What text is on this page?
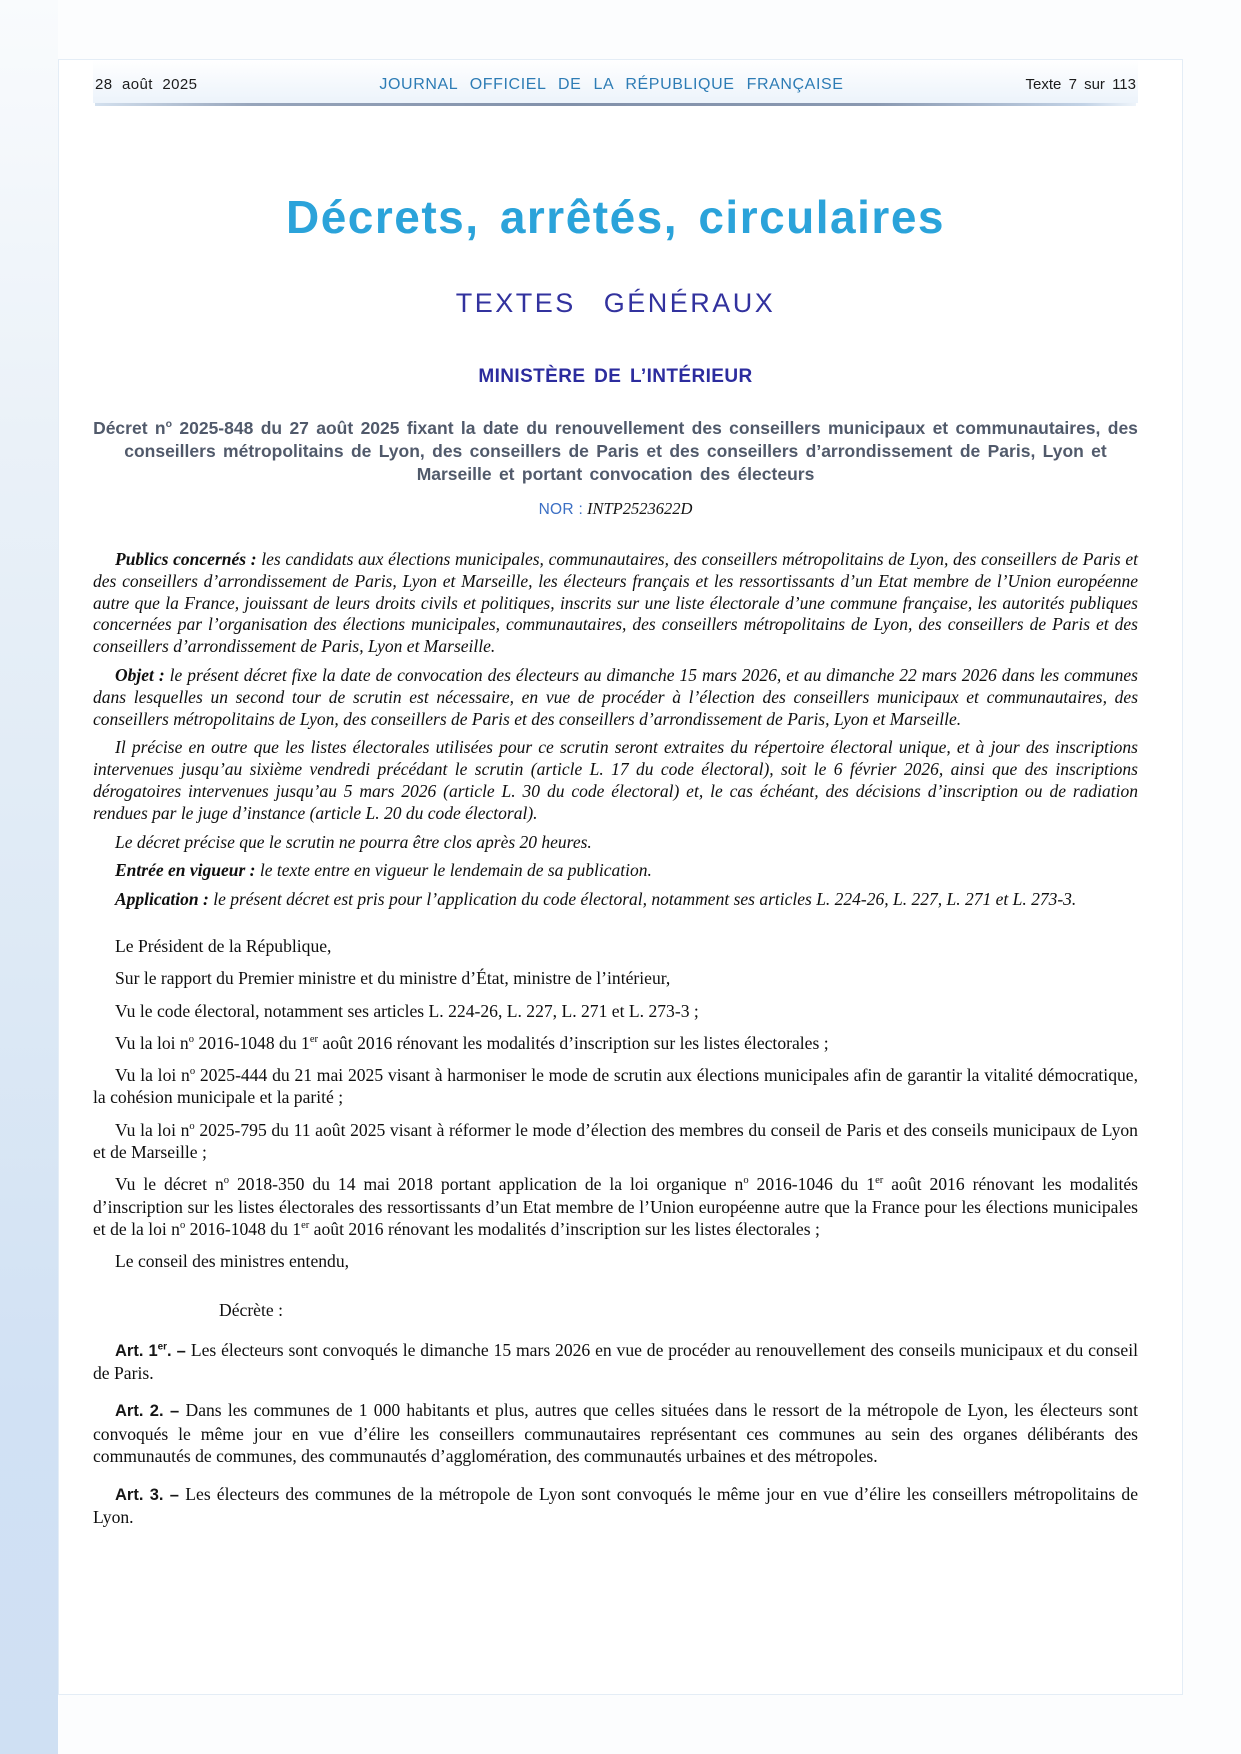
28 août 2025	JOURNAL OFFICIEL DE LA RÉPUBLIQUE FRANÇAISE	Texte 7 sur 113
Décrets, arrêtés, circulaires
TEXTES GÉNÉRAUX
MINISTÈRE DE L’INTÉRIEUR

Décret $n^o$ 2025-848 du 27 août 2025 fixant la date du renouvellement des conseillers municipaux et communautaires, des conseillers métropolitains de Lyon, des conseillers de Paris et des conseillers d’arrondissement de Paris, Lyon et Marseille et portant convocation des électeurs

NOR : INTP2523622D

Publics concernés : les candidats aux élections municipales, communautaires, des conseillers métropolitains de Lyon, des conseillers de Paris et des conseillers d’arrondissement de Paris, Lyon et Marseille, les électeurs français et les ressortissants d’un Etat membre de l’Union européenne autre que la France, jouissant de leurs droits civils et politiques, inscrits sur une liste électorale d’une commune française, les autorités publiques concernées par l’organisation des élections municipales, communautaires, des conseillers métropolitains de Lyon, des conseillers de Paris et des conseillers d’arrondissement de Paris, Lyon et Marseille.

Objet : le présent décret fixe la date de convocation des électeurs au dimanche 15 mars 2026, et au dimanche 22 mars 2026 dans les communes dans lesquelles un second tour de scrutin est nécessaire, en vue de procéder à l’élection des conseillers municipaux et communautaires, des conseillers métropolitains de Lyon, des conseillers de Paris et des conseillers d’arrondissement de Paris, Lyon et Marseille.

Il précise en outre que les listes électorales utilisées pour ce scrutin seront extraites du répertoire électoral unique, et à jour des inscriptions intervenues jusqu’au sixième vendredi précédant le scrutin (article L. 17 du code électoral), soit le 6 février 2026, ainsi que des inscriptions dérogatoires intervenues jusqu’au 5 mars 2026 (article L. 30 du code électoral) et, le cas échéant, des décisions d’inscription ou de radiation rendues par le juge d’instance (article L. 20 du code électoral).

Le décret précise que le scrutin ne pourra être clos après 20 heures.

Entrée en vigueur : le texte entre en vigueur le lendemain de sa publication.

Application : le présent décret est pris pour l’application du code électoral, notamment ses articles L. 224-26, L. 227, L. 271 et L. 273-3.

Le Président de la République,

Sur le rapport du Premier ministre et du ministre d’État, ministre de l’intérieur,

Vu le code électoral, notamment ses articles L. 224-26, L. 227, L. 271 et L. 273-3 ;

Vu la loi $n^o$ 2016-1048 du 1er août 2016 rénovant les modalités d’inscription sur les listes électorales ;

Vu la loi $n^o$ 2025-444 du 21 mai 2025 visant à harmoniser le mode de scrutin aux élections municipales afin de garantir la vitalité démocratique, la cohésion municipale et la parité ;

Vu la loi $n^o$ 2025-795 du 11 août 2025 visant à réformer le mode d’élection des membres du conseil de Paris et des conseils municipaux de Lyon et de Marseille ;

Vu le décret $n^o$ 2018-350 du 14 mai 2018 portant application de la loi organique $n^o$ 2016-1046 du 1er août 2016 rénovant les modalités d’inscription sur les listes électorales des ressortissants d’un Etat membre de l’Union européenne autre que la France pour les élections municipales et de la loi $n^o$ 2016-1048 du 1er août 2016 rénovant les modalités d’inscription sur les listes électorales ;

Le conseil des ministres entendu,

Décrète :

Art. 1er. – Les électeurs sont convoqués le dimanche 15 mars 2026 en vue de procéder au renouvellement des conseils municipaux et du conseil de Paris.

Art. 2. – Dans les communes de 1 000 habitants et plus, autres que celles situées dans le ressort de la métropole de Lyon, les électeurs sont convoqués le même jour en vue d’élire les conseillers communautaires représentant ces communes au sein des organes délibérants des communautés de communes, des communautés d’agglomération, des communautés urbaines et des métropoles.

Art. 3. – Les électeurs des communes de la métropole de Lyon sont convoqués le même jour en vue d’élire les conseillers métropolitains de Lyon.
